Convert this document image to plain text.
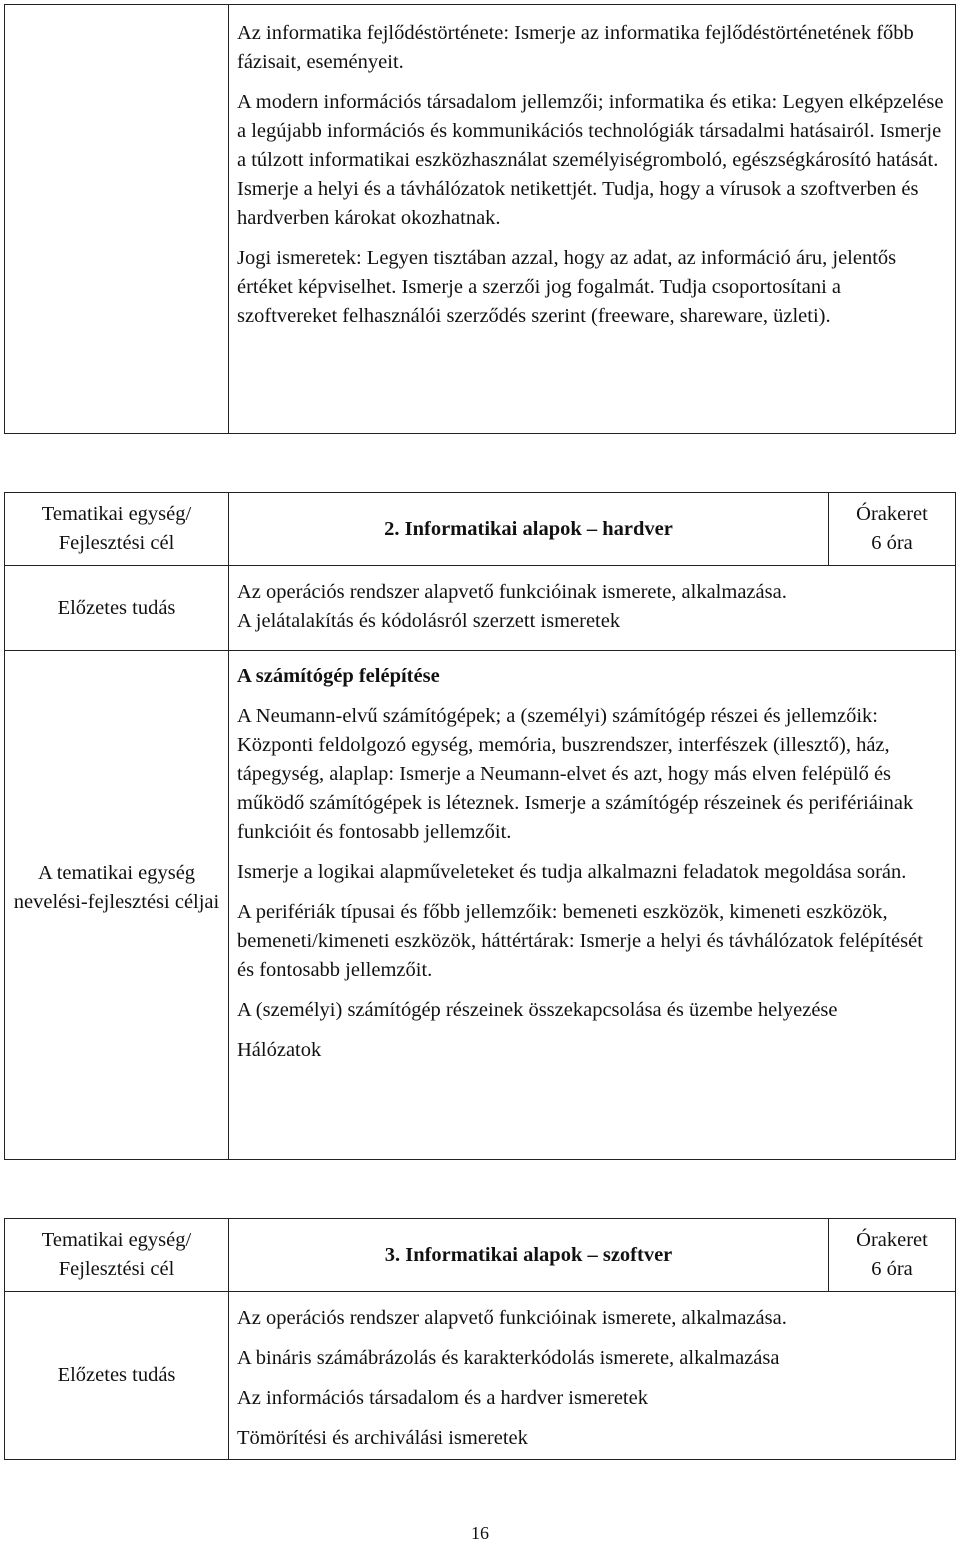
Az informatika fejlődéstörténete: Ismerje az informatika fejlődéstörténetének főbb fázisait, eseményeit.

A modern információs társadalom jellemzői; informatika és etika: Legyen elképzelése a legújabb információs és kommunikációs technológiák társadalmi hatásairól. Ismerje a túlzott informatikai eszközhasználat személyiségromboló, egészségkárosító hatását. Ismerje a helyi és a távhálózatok netikettjét. Tudja, hogy a vírusok a szoftverben és hardverben károkat okozhatnak.

Jogi ismeretek: Legyen tisztában azzal, hogy az adat, az információ áru, jelentős értéket képviselhet. Ismerje a szerzői jog fogalmát. Tudja csoportosítani a szoftvereket felhasználói szerződés szerint (freeware, shareware, üzleti).

Tematikai egység/ Fejlesztési cél
2. Informatikai alapok – hardver
Órakeret
6 óra
Előzetes tudás

Az operációs rendszer alapvető funkcióinak ismerete, alkalmazása.

A jelátalakítás és kódolásról szerzett ismeretek

A tematikai egység nevelési-fejlesztési céljai

A számítógép felépítése

A Neumann-elvű számítógépek; a (személyi) számítógép részei és jellemzőik: Központi feldolgozó egység, memória, buszrendszer, interfészek (illesztő), ház, tápegység, alaplap: Ismerje a Neumann-elvet és azt, hogy más elven felépülő és működő számítógépek is léteznek. Ismerje a számítógép részeinek és perifériáinak funkcióit és fontosabb jellemzőit.

Ismerje a logikai alapműveleteket és tudja alkalmazni feladatok megoldása során.

A perifériák típusai és főbb jellemzőik: bemeneti eszközök, kimeneti eszközök, bemeneti/kimeneti eszközök, háttértárak: Ismerje a helyi és távhálózatok felépítését és fontosabb jellemzőit.

A (személyi) számítógép részeinek összekapcsolása és üzembe helyezése

Hálózatok

Tematikai egység/ Fejlesztési cél
3. Informatikai alapok – szoftver
Órakeret
6 óra
Előzetes tudás

Az operációs rendszer alapvető funkcióinak ismerete, alkalmazása.

A bináris számábrázolás és karakterkódolás ismerete, alkalmazása

Az információs társadalom és a hardver ismeretek

Tömörítési és archiválási ismeretek

16
